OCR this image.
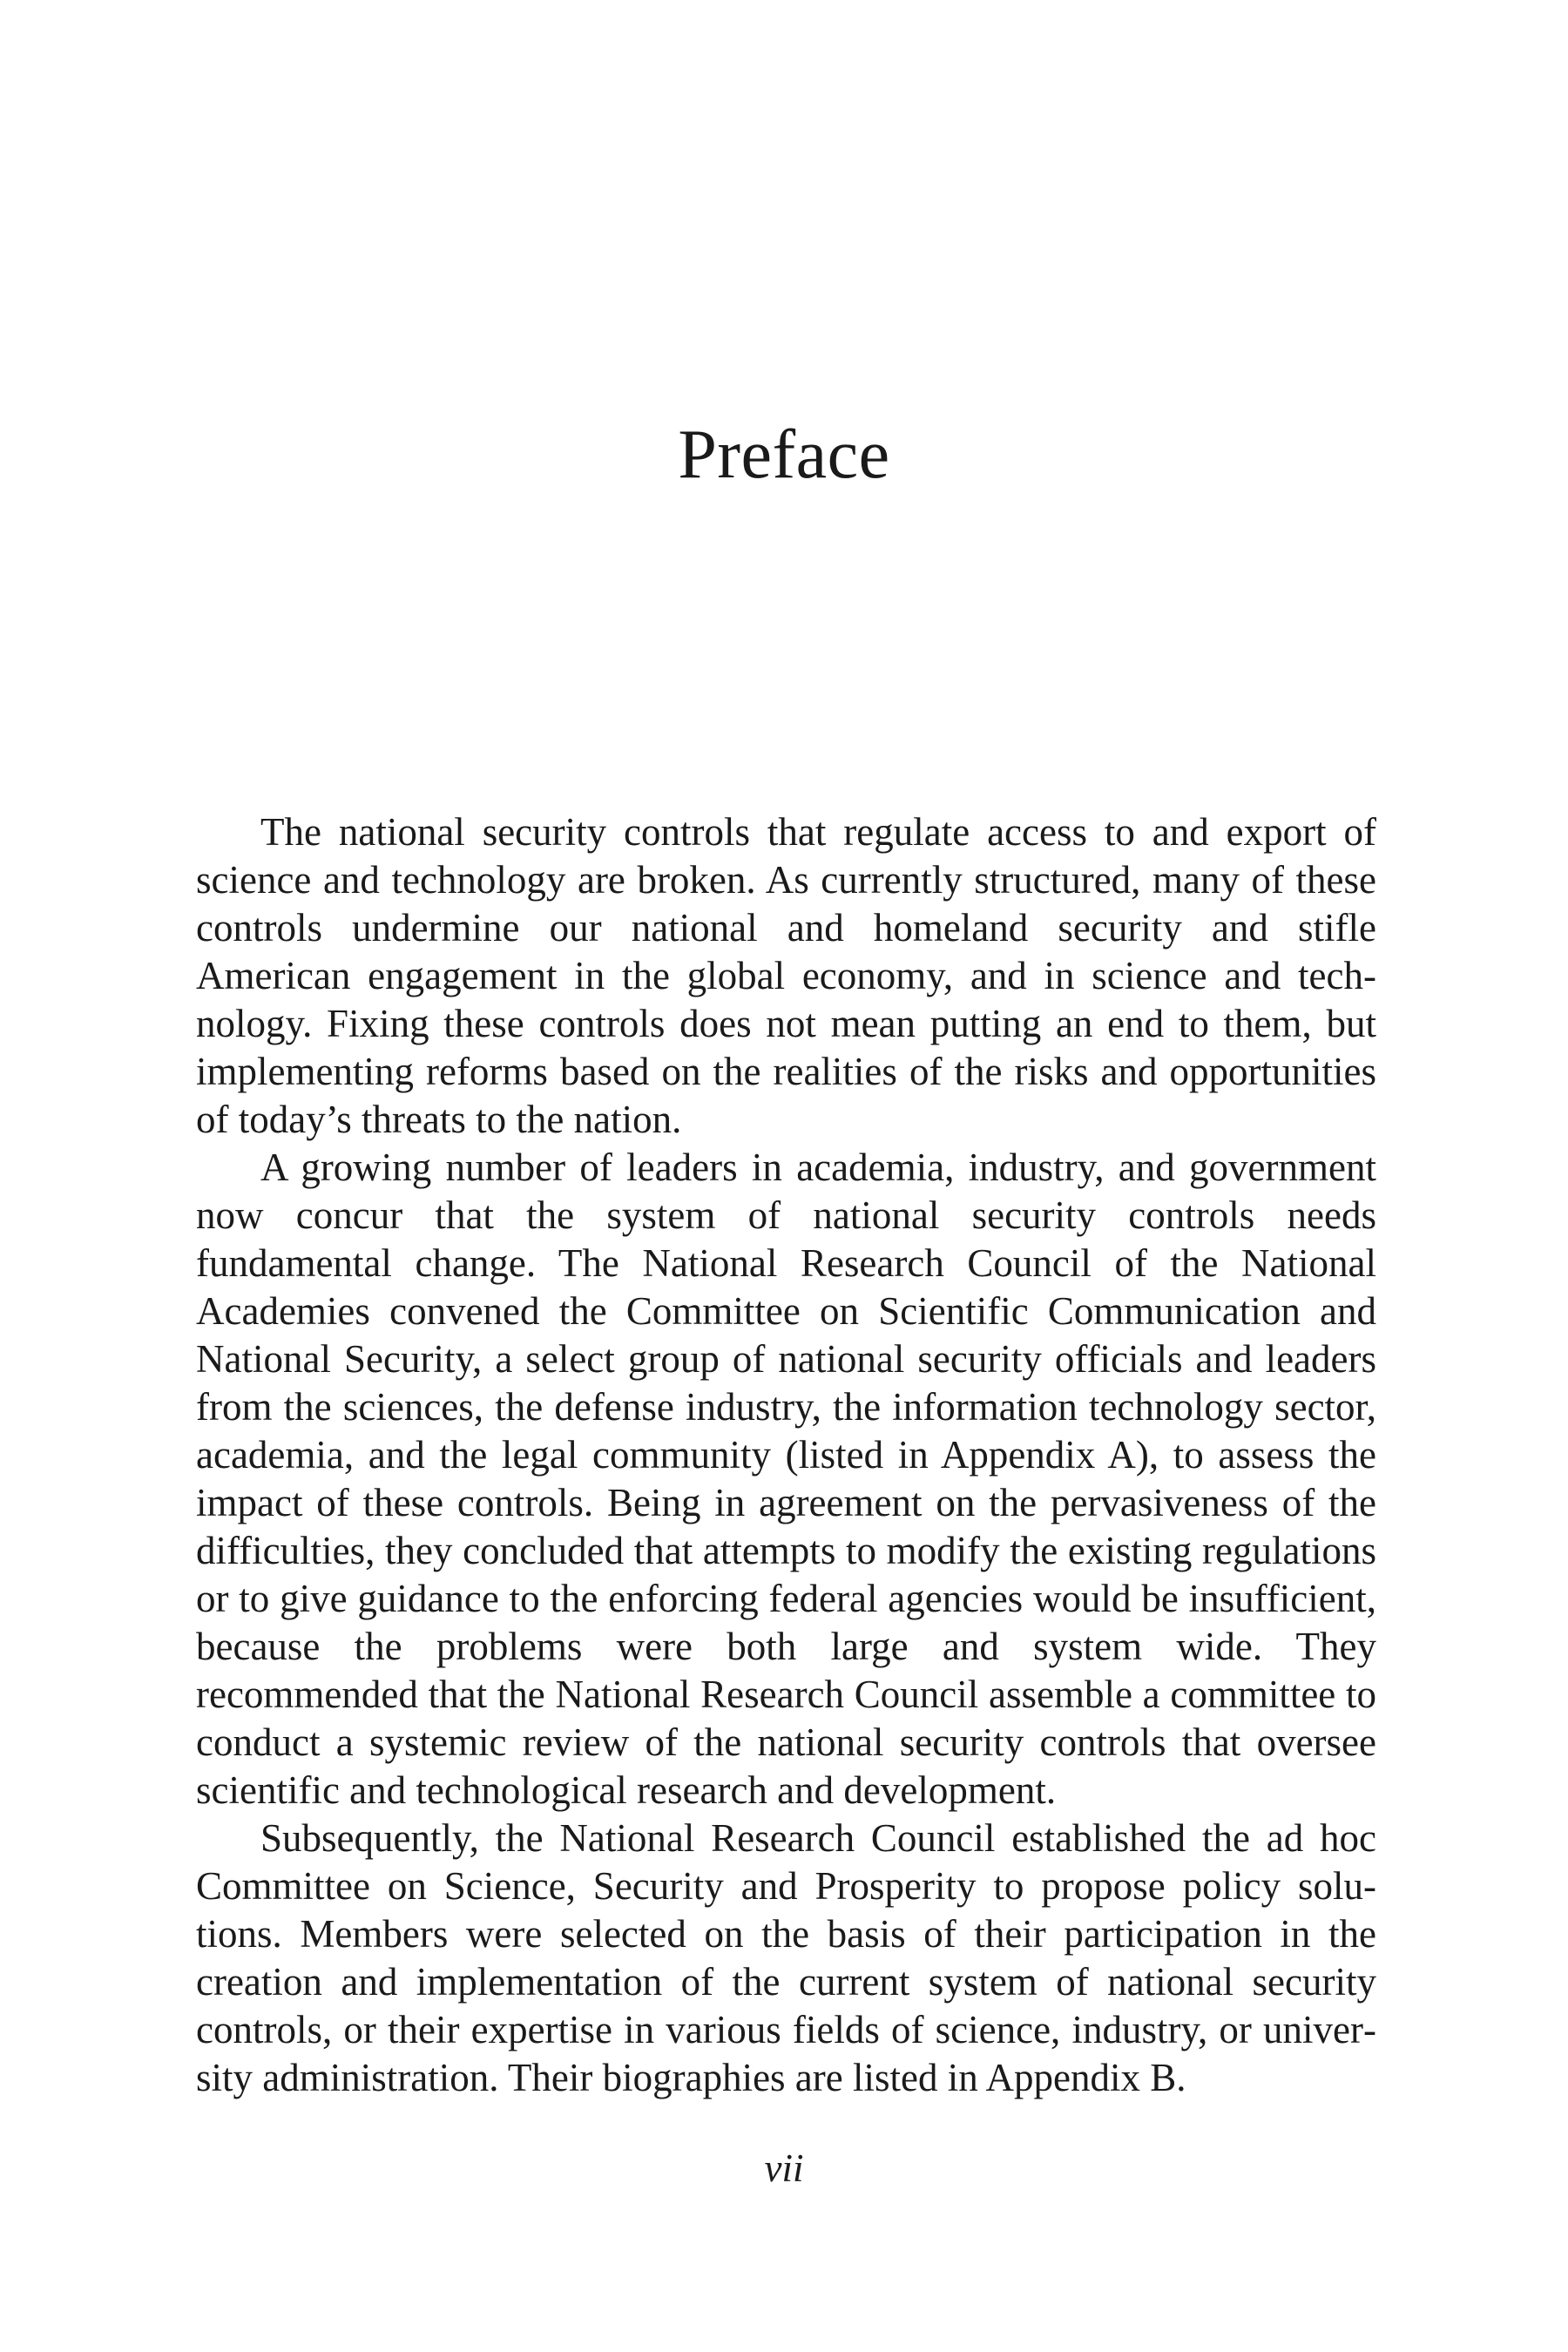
Preface

The national security controls that regulate access to and export of science and technology are broken. As currently structured, many of these controls undermine our national and homeland security and stifle American engagement in the global economy, and in science and technology. Fixing these controls does not mean putting an end to them, but implementing reforms based on the realities of the risks and opportunities of today’s threats to the nation.

A growing number of leaders in academia, industry, and government now concur that the system of national security controls needs fundamental change. The National Research Council of the National Academies convened the Committee on Scientific Communication and National Security, a select group of national security officials and leaders from the sciences, the defense industry, the information technology sector, academia, and the legal community (listed in Appendix A), to assess the impact of these controls. Being in agreement on the pervasiveness of the difficulties, they concluded that attempts to modify the existing regulations or to give guidance to the enforcing federal agencies would be insufficient, because the problems were both large and system wide. They recommended that the National Research Council assemble a committee to conduct a systemic review of the national security controls that oversee scientific and technological research and development.

Subsequently, the National Research Council established the ad hoc Committee on Science, Security and Prosperity to propose policy solutions. Members were selected on the basis of their participation in the creation and implementation of the current system of national security controls, or their expertise in various fields of science, industry, or university administration. Their biographies are listed in Appendix B.

vii
